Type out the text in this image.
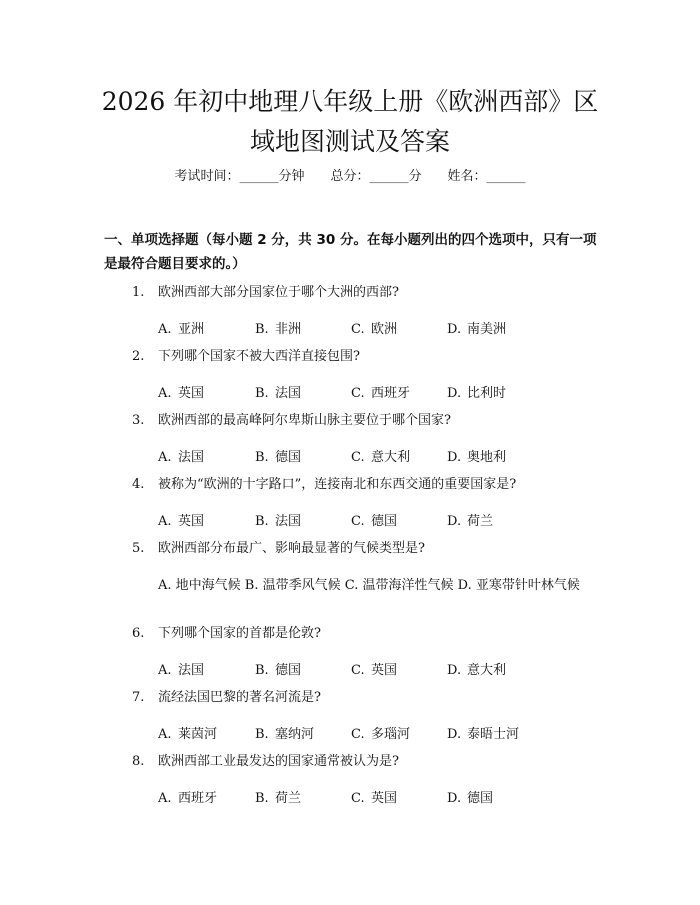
2026 年初中地理八年级上册《欧洲西部》区
域地图测试及答案
考试时间：______分钟 总分：______分 姓名：______
一、单项选择题（每小题 2 分，共 30 分。在每小题列出的四个选项中，只有一项是最符合题目要求的。）
1. 欧洲西部大部分国家位于哪个大洲的西部?
A. 亚洲	B. 非洲	C. 欧洲	D. 南美洲
2. 下列哪个国家不被大西洋直接包围?
A. 英国	B. 法国	C. 西班牙	D. 比利时
3. 欧洲西部的最高峰阿尔卑斯山脉主要位于哪个国家?
A. 法国	B. 德国	C. 意大利	D. 奥地利
4. 被称为“欧洲的十字路口”，连接南北和东西交通的重要国家是?
A. 英国	B. 法国	C. 德国	D. 荷兰
5. 欧洲西部分布最广、影响最显著的气候类型是?
A. 地中海气候 B. 温带季风气候 C. 温带海洋性气候 D. 亚寒带针叶林气候
6. 下列哪个国家的首都是伦敦?
A. 法国	B. 德国	C. 英国	D. 意大利
7. 流经法国巴黎的著名河流是?
A. 莱茵河	B. 塞纳河	C. 多瑙河	D. 泰晤士河
8. 欧洲西部工业最发达的国家通常被认为是?
A. 西班牙	B. 荷兰	C. 英国	D. 德国
